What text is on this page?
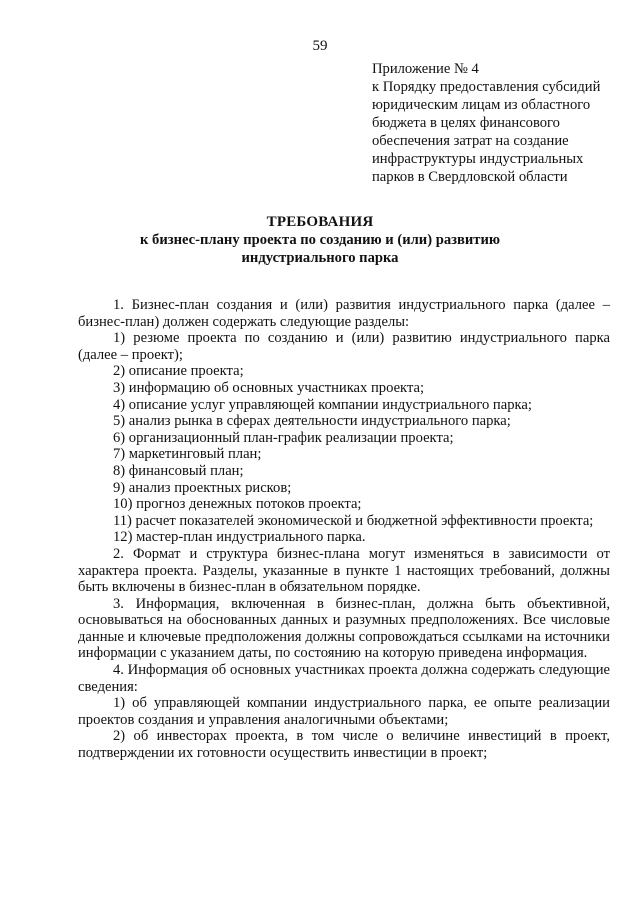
59
Приложение № 4
к Порядку предоставления субсидий
юридическим лицам из областного
бюджета в целях финансового
обеспечения затрат на создание
инфраструктуры индустриальных
парков в Свердловской области
ТРЕБОВАНИЯ
к бизнес-плану проекта по созданию и (или) развитию
индустриального парка

1. Бизнес-план создания и (или) развития индустриального парка (далее – бизнес-план) должен содержать следующие разделы:

1) резюме проекта по созданию и (или) развитию индустриального парка (далее – проект);

2) описание проекта;

3) информацию об основных участниках проекта;

4) описание услуг управляющей компании индустриального парка;

5) анализ рынка в сферах деятельности индустриального парка;

6) организационный план-график реализации проекта;

7) маркетинговый план;

8) финансовый план;

9) анализ проектных рисков;

10) прогноз денежных потоков проекта;

11) расчет показателей экономической и бюджетной эффективности проекта;

12) мастер-план индустриального парка.

2. Формат и структура бизнес-плана могут изменяться в зависимости от характера проекта. Разделы, указанные в пункте 1 настоящих требований, должны быть включены в бизнес-план в обязательном порядке.

3. Информация, включенная в бизнес-план, должна быть объективной, основываться на обоснованных данных и разумных предположениях. Все числовые данные и ключевые предположения должны сопровождаться ссылками на источники информации с указанием даты, по состоянию на которую приведена информация.

4. Информация об основных участниках проекта должна содержать следующие сведения:

1) об управляющей компании индустриального парка, ее опыте реализации проектов создания и управления аналогичными объектами;

2) об инвесторах проекта, в том числе о величине инвестиций в проект, подтверждении их готовности осуществить инвестиции в проект;
